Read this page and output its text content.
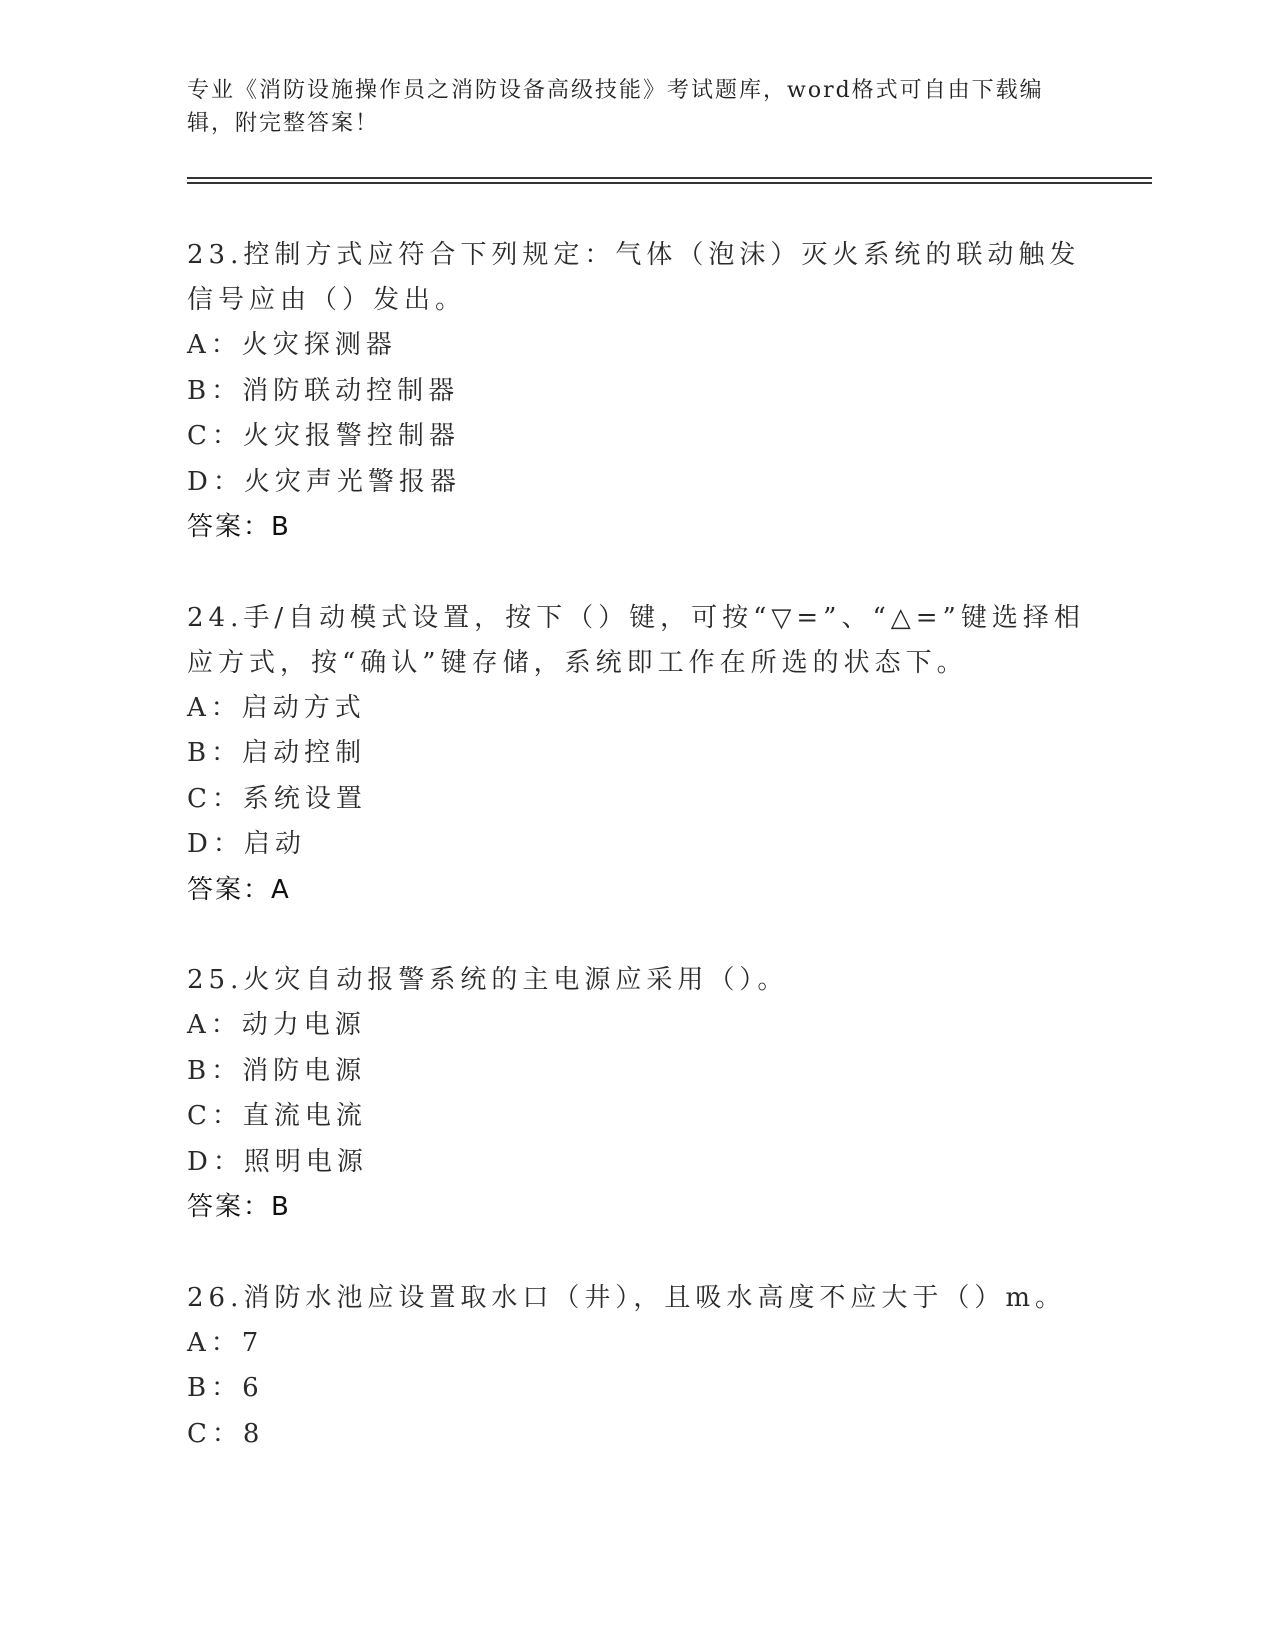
专业《消防设施操作员之消防设备高级技能》考试题库，word格式可自由下载编辑，附完整答案！
23.控制方式应符合下列规定：气体（泡沫）灭火系统的联动触发信号应由（）发出。
A：火灾探测器
B：消防联动控制器
C：火灾报警控制器
D：火灾声光警报器
答案：B
24.手/自动模式设置，按下（）键，可按“▽=”、“△=”键选择相应方式，按“确认”键存储，系统即工作在所选的状态下。
A：启动方式
B：启动控制
C：系统设置
D：启动
答案：A
25.火灾自动报警系统的主电源应采用（）。
A：动力电源
B：消防电源
C：直流电流
D：照明电源
答案：B
26.消防水池应设置取水口（井），且吸水高度不应大于（）m。
A：7
B：6
C：8
